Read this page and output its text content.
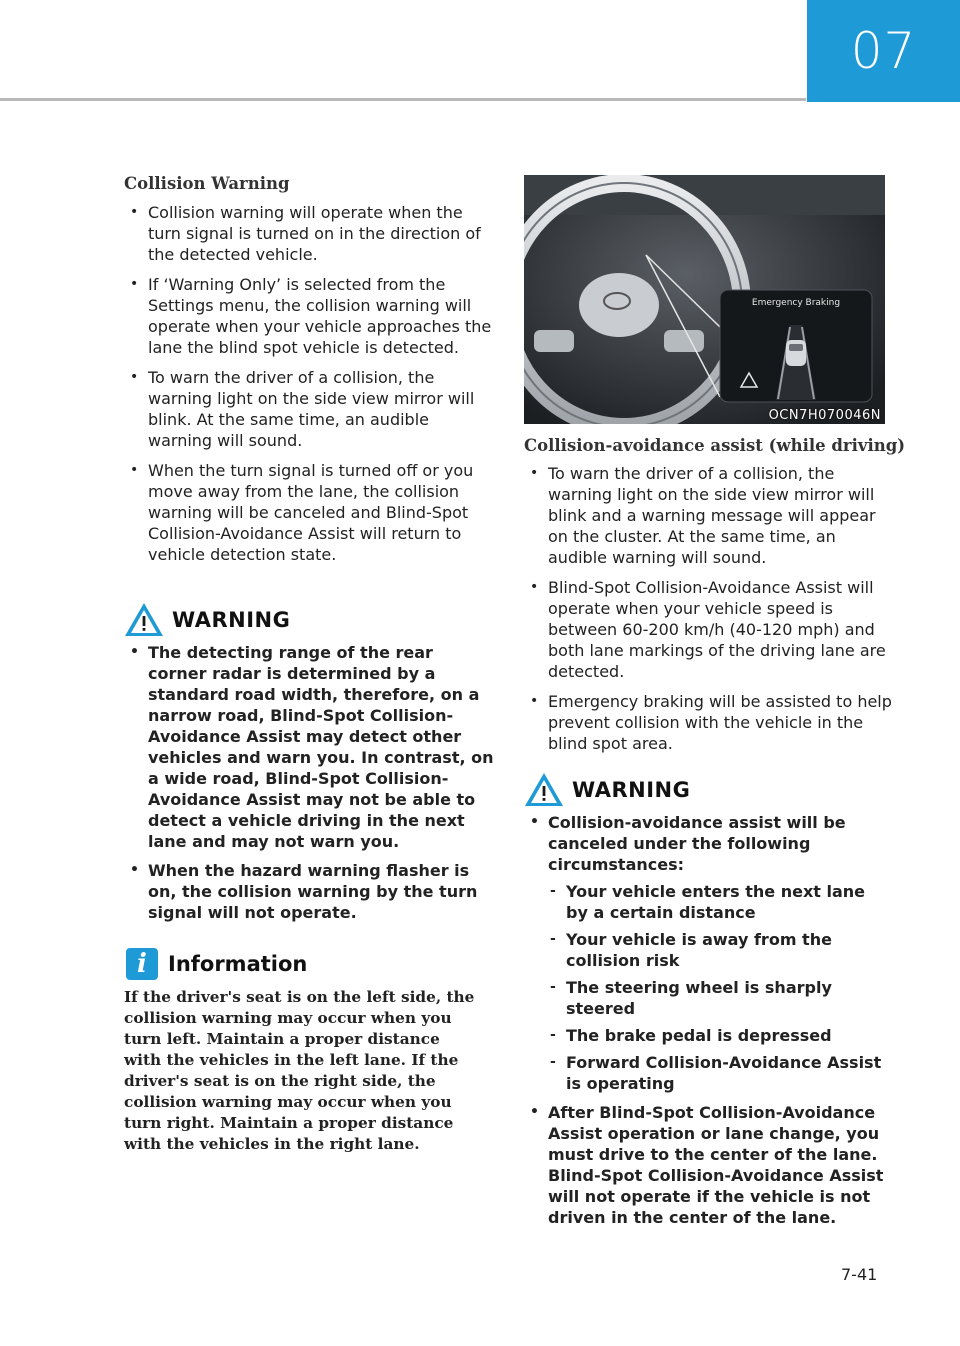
07
Collision Warning
• Collision warning will operate when the turn signal is turned on in the direction of the detected vehicle.
• If ‘Warning Only’ is selected from the Settings menu, the collision warning will operate when your vehicle approaches the lane the blind spot vehicle is detected.
• To warn the driver of a collision, the warning light on the side view mirror will blink. At the same time, an audible warning will sound.
• When the turn signal is turned off or you move away from the lane, the collision warning will be canceled and Blind-Spot Collision-Avoidance Assist will return to vehicle detection state.
WARNING
• The detecting range of the rear corner radar is determined by a standard road width, therefore, on a narrow road, Blind-Spot Collision-Avoidance Assist may detect other vehicles and warn you. In contrast, on a wide road, Blind-Spot Collision-Avoidance Assist may not be able to detect a vehicle driving in the next lane and may not warn you.
• When the hazard warning flasher is on, the collision warning by the turn signal will not operate.
i	Information
If the driver's seat is on the left side, the collision warning may occur when you turn left. Maintain a proper distance with the vehicles in the left lane. If the driver's seat is on the right side, the collision warning may occur when you turn right. Maintain a proper distance with the vehicles in the right lane.
Emergency Braking
OCN7H070046N
Collision-avoidance assist (while driving)
• To warn the driver of a collision, the warning light on the side view mirror will blink and a warning message will appear on the cluster. At the same time, an audible warning will sound.
• Blind-Spot Collision-Avoidance Assist will operate when your vehicle speed is between 60-200 km/h (40-120 mph) and both lane markings of the driving lane are detected.
• Emergency braking will be assisted to help prevent collision with the vehicle in the blind spot area.
WARNING
• Collision-avoidance assist will be canceled under the following circumstances:
- Your vehicle enters the next lane by a certain distance
- Your vehicle is away from the collision risk
- The steering wheel is sharply steered
- The brake pedal is depressed
- Forward Collision-Avoidance Assist is operating
• After Blind-Spot Collision-Avoidance Assist operation or lane change, you must drive to the center of the lane. Blind-Spot Collision-Avoidance Assist will not operate if the vehicle is not driven in the center of the lane.
7-41
